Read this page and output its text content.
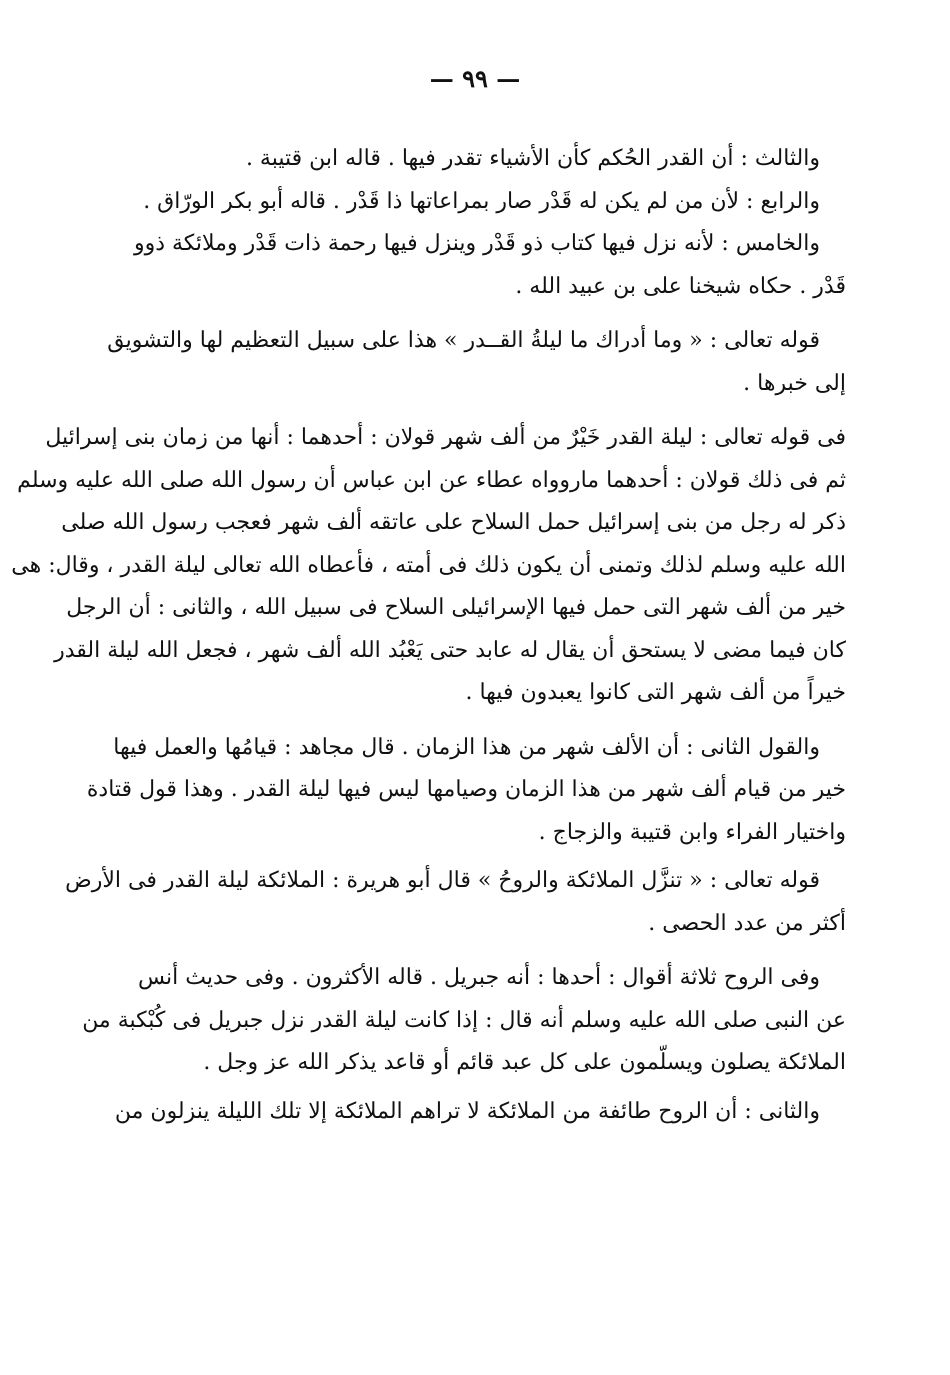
— ٩٩ —
والثالث : أن القدر الحُكم كأن الأشياء تقدر فيها . قاله ابن قتيبة .
والرابع : لأن من لم يكن له قَدْر صار بمراعاتها ذا قَدْر . قاله أبو بكر الورّاق .
والخامس : لأنه نزل فيها كتاب ذو قَدْر وينزل فيها رحمة ذات قَدْر وملائكة ذوو
قَدْر . حكاه شيخنا على بن عبيد الله .
قوله تعالى : « وما أدراك ما ليلةُ القــدر » هذا على سبيل التعظيم لها والتشويق
إلى خبرها .
فى قوله تعالى : ليلة القدر خَيْرٌ من ألف شهر قولان : أحدهما : أنها من زمان بنى إسرائيل
ثم فى ذلك قولان : أحدهما ماروواه عطاء عن ابن عباس أن رسول الله صلى الله عليه وسلم
ذكر له رجل من بنى إسرائيل حمل السلاح على عاتقه ألف شهر فعجب رسول الله صلى
الله عليه وسلم لذلك وتمنى أن يكون ذلك فى أمته ، فأعطاه الله تعالى ليلة القدر ، وقال: هى
خير من ألف شهر التى حمل فيها الإسرائيلى السلاح فى سبيل الله ، والثانى : أن الرجل
كان فيما مضى لا يستحق أن يقال له عابد حتى يَعْبُد الله ألف شهر ، فجعل الله ليلة القدر
خيراً من ألف شهر التى كانوا يعبدون فيها .
والقول الثانى : أن الألف شهر من هذا الزمان . قال مجاهد : قيامُها والعمل فيها
خير من قيام ألف شهر من هذا الزمان وصيامها ليس فيها ليلة القدر . وهذا قول قتادة
واختيار الفراء وابن قتيبة والزجاج .
قوله تعالى : « تنزَّل الملائكة والروحُ » قال أبو هريرة : الملائكة ليلة القدر فى الأرض
أكثر من عدد الحصى .
وفى الروح ثلاثة أقوال : أحدها : أنه جبريل . قاله الأكثرون . وفى حديث أنس
عن النبى صلى الله عليه وسلم أنه قال : إذا كانت ليلة القدر نزل جبريل فى كُبْكبة من
الملائكة يصلون ويسلّمون على كل عبد قائم أو قاعد يذكر الله عز وجل .
والثانى : أن الروح طائفة من الملائكة لا تراهم الملائكة إلا تلك الليلة ينزلون من
